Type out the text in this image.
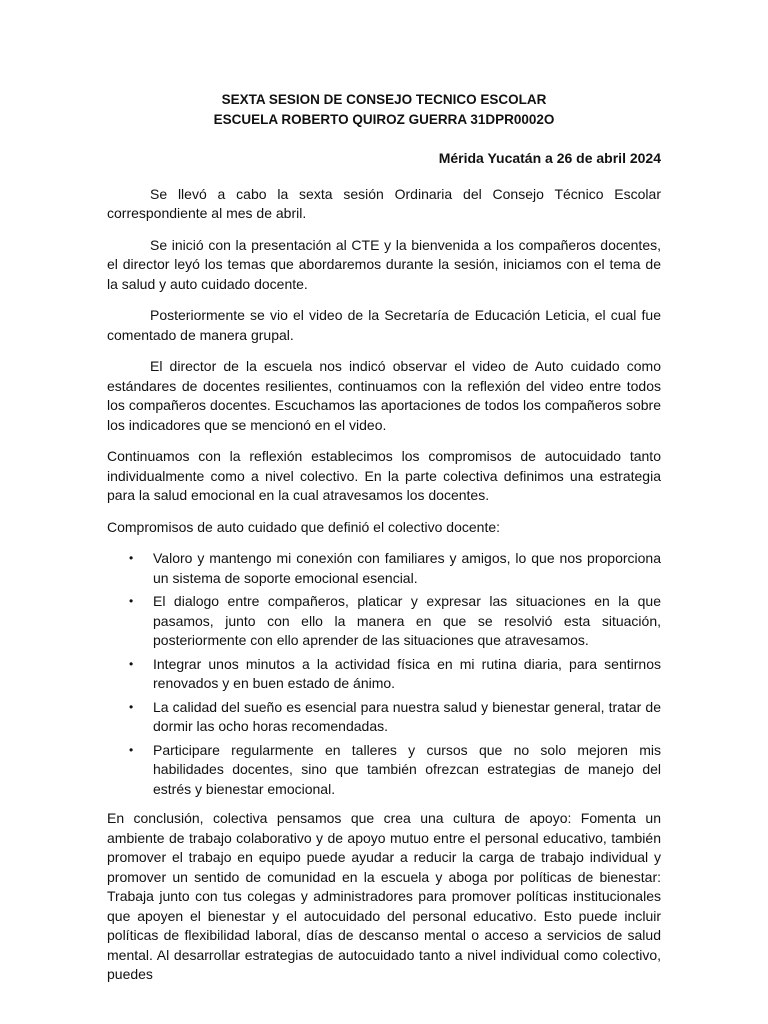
SEXTA SESION DE CONSEJO TECNICO ESCOLAR

ESCUELA ROBERTO QUIROZ GUERRA 31DPR0002O

Mérida Yucatán a 26 de abril 2024

Se llevó a cabo la sexta sesión Ordinaria del Consejo Técnico Escolar correspondiente al mes de abril.

Se inició con la presentación al CTE y la bienvenida a los compañeros docentes, el director leyó los temas que abordaremos durante la sesión, iniciamos con el tema de la salud y auto cuidado docente.

Posteriormente se vio el video de la Secretaría de Educación Leticia, el cual fue comentado de manera grupal.

El director de la escuela nos indicó observar el video de Auto cuidado como estándares de docentes resilientes, continuamos con la reflexión del video entre todos los compañeros docentes. Escuchamos las aportaciones de todos los compañeros sobre los indicadores que se mencionó en el video.

Continuamos con la reflexión establecimos los compromisos de autocuidado tanto individualmente como a nivel colectivo. En la parte colectiva definimos una estrategia para la salud emocional en la cual atravesamos los docentes.

Compromisos de auto cuidado que definió el colectivo docente:

• Valoro y mantengo mi conexión con familiares y amigos, lo que nos proporciona un sistema de soporte emocional esencial.
• El dialogo entre compañeros, platicar y expresar las situaciones en la que pasamos, junto con ello la manera en que se resolvió esta situación, posteriormente con ello aprender de las situaciones que atravesamos.
• Integrar unos minutos a la actividad física en mi rutina diaria, para sentirnos renovados y en buen estado de ánimo.
• La calidad del sueño es esencial para nuestra salud y bienestar general, tratar de dormir las ocho horas recomendadas.
• Participare regularmente en talleres y cursos que no solo mejoren mis habilidades docentes, sino que también ofrezcan estrategias de manejo del estrés y bienestar emocional.

En conclusión, colectiva pensamos que crea una cultura de apoyo: Fomenta un ambiente de trabajo colaborativo y de apoyo mutuo entre el personal educativo, también promover el trabajo en equipo puede ayudar a reducir la carga de trabajo individual y promover un sentido de comunidad en la escuela y aboga por políticas de bienestar: Trabaja junto con tus colegas y administradores para promover políticas institucionales que apoyen el bienestar y el autocuidado del personal educativo. Esto puede incluir políticas de flexibilidad laboral, días de descanso mental o acceso a servicios de salud mental. Al desarrollar estrategias de autocuidado tanto a nivel individual como colectivo, puedes
